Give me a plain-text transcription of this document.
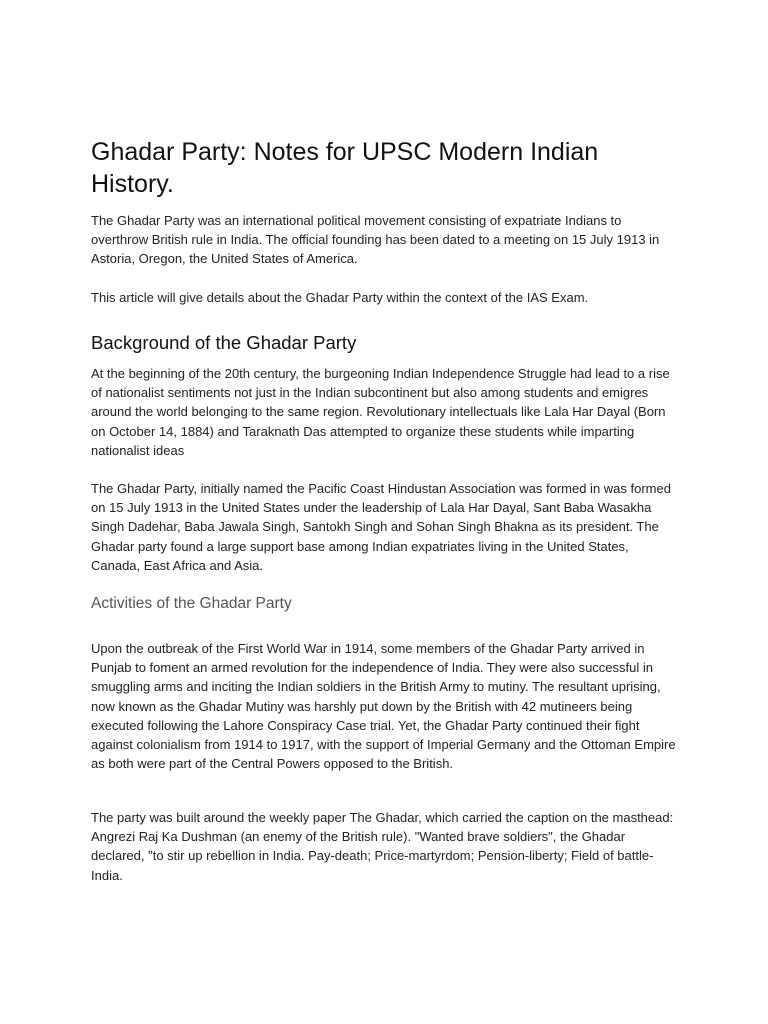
Ghadar Party: Notes for UPSC Modern Indian History.

The Ghadar Party was an international political movement consisting of expatriate Indians to overthrow British rule in India. The official founding has been dated to a meeting on 15 July 1913 in Astoria, Oregon, the United States of America.

This article will give details about the Ghadar Party within the context of the IAS Exam.

Background of the Ghadar Party

At the beginning of the 20th century, the burgeoning Indian Independence Struggle had lead to a rise of nationalist sentiments not just in the Indian subcontinent but also among students and emigres around the world belonging to the same region. Revolutionary intellectuals like Lala Har Dayal (Born on October 14, 1884) and Taraknath Das attempted to organize these students while imparting nationalist ideas

The Ghadar Party, initially named the Pacific Coast Hindustan Association was formed in was formed on 15 July 1913 in the United States under the leadership of Lala Har Dayal, Sant Baba Wasakha Singh Dadehar, Baba Jawala Singh, Santokh Singh and Sohan Singh Bhakna as its president. The Ghadar party found a large support base among Indian expatriates living in the United States, Canada, East Africa and Asia.

Activities of the Ghadar Party

Upon the outbreak of the First World War in 1914, some members of the Ghadar Party arrived in Punjab to foment an armed revolution for the independence of India. They were also successful in smuggling arms and inciting the Indian soldiers in the British Army to mutiny. The resultant uprising, now known as the Ghadar Mutiny was harshly put down by the British with 42 mutineers being executed following the Lahore Conspiracy Case trial. Yet, the Ghadar Party continued their fight against colonialism from 1914 to 1917, with the support of Imperial Germany and the Ottoman Empire as both were part of the Central Powers opposed to the British.

The party was built around the weekly paper The Ghadar, which carried the caption on the masthead: Angrezi Raj Ka Dushman (an enemy of the British rule). "Wanted brave soldiers", the Ghadar declared, "to stir up rebellion in India. Pay-death; Price-martyrdom; Pension-liberty; Field of battle-India.
